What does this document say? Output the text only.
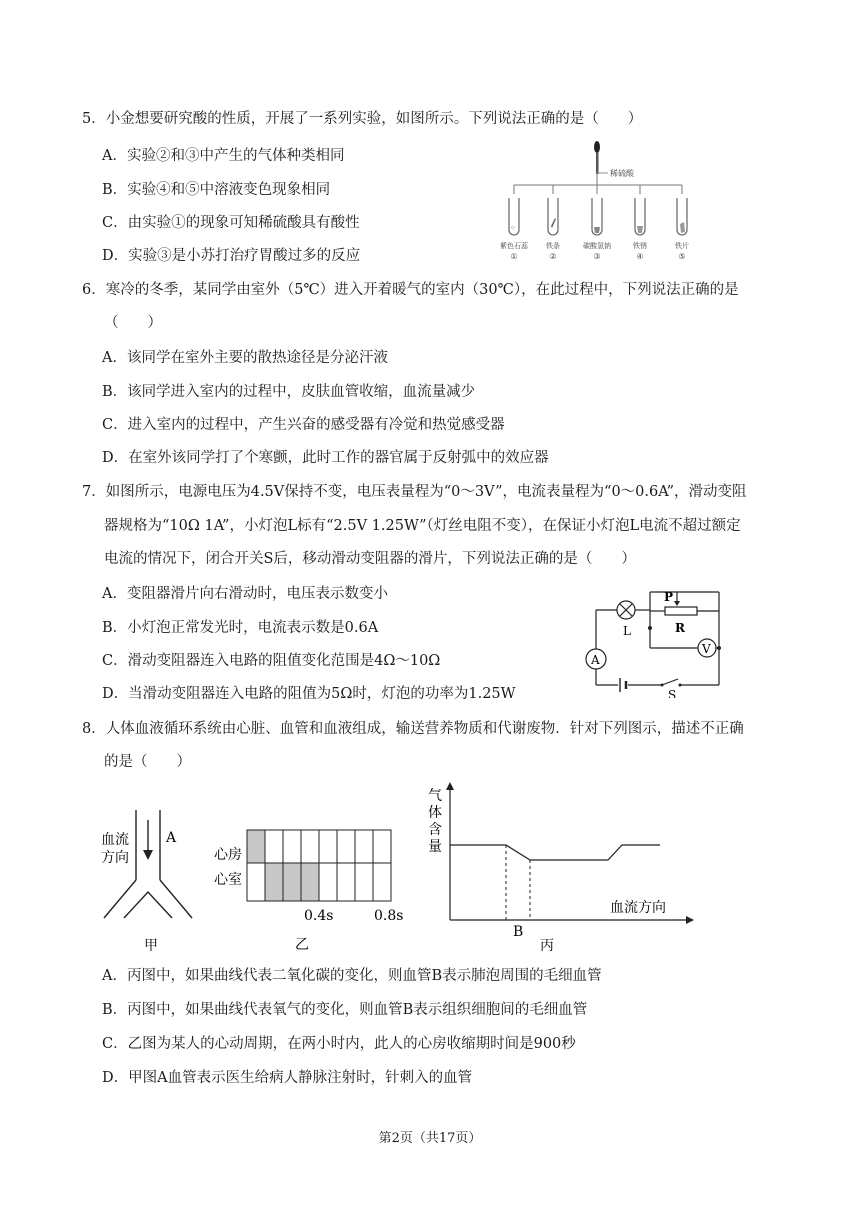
5．小金想要研究酸的性质，开展了一系列实验，如图所示。下列说法正确的是（　　）
A．实验②和③中产生的气体种类相同
B．实验④和⑤中溶液变色现象相同
C．由实验①的现象可知稀硫酸具有酸性
D．实验③是小苏打治疗胃酸过多的反应
稀硫酸
⁘
紫色石蕊	铁条	碳酸氢钠	铁锈	铁片
①	②	③	④	⑤
6．寒冷的冬季，某同学由室外（5℃）进入开着暖气的室内（30℃），在此过程中，下列说法正确的是
（　　）
A．该同学在室外主要的散热途径是分泌汗液
B．该同学进入室内的过程中，皮肤血管收缩，血流量减少
C．进入室内的过程中，产生兴奋的感受器有冷觉和热觉感受器
D．在室外该同学打了个寒颤，此时工作的器官属于反射弧中的效应器
7．如图所示，电源电压为4.5V保持不变，电压表量程为“0～3V”，电流表量程为“0～0.6A”，滑动变阻
器规格为“10Ω 1A”，小灯泡L标有“2.5V 1.25W”（灯丝电阻不变），在保证小灯泡L电流不超过额定
电流的情况下，闭合开关S后，移动滑动变阻器的滑片，下列说法正确的是（　　）
A．变阻器滑片向右滑动时，电压表示数变小
B．小灯泡正常发光时，电流表示数是0.6A
C．滑动变阻器连入电路的阻值变化范围是4Ω～10Ω
D．当滑动变阻器连入电路的阻值为5Ω时，灯泡的功率为1.25W
P
R
L
A
V
S
8．人体血液循环系统由心脏、血管和血液组成，输送营养物质和代谢废物．针对下列图示，描述不正确
的是（　　）
血流
方向
A
甲
心房
心室
0.4s	0.8s
乙
气
体
含
量
血流方向
B
丙
A．丙图中，如果曲线代表二氧化碳的变化，则血管B表示肺泡周围的毛细血管
B．丙图中，如果曲线代表氧气的变化，则血管B表示组织细胞间的毛细血管
C．乙图为某人的心动周期，在两小时内，此人的心房收缩期时间是900秒
D．甲图A血管表示医生给病人静脉注射时，针刺入的血管
第2页（共17页）
